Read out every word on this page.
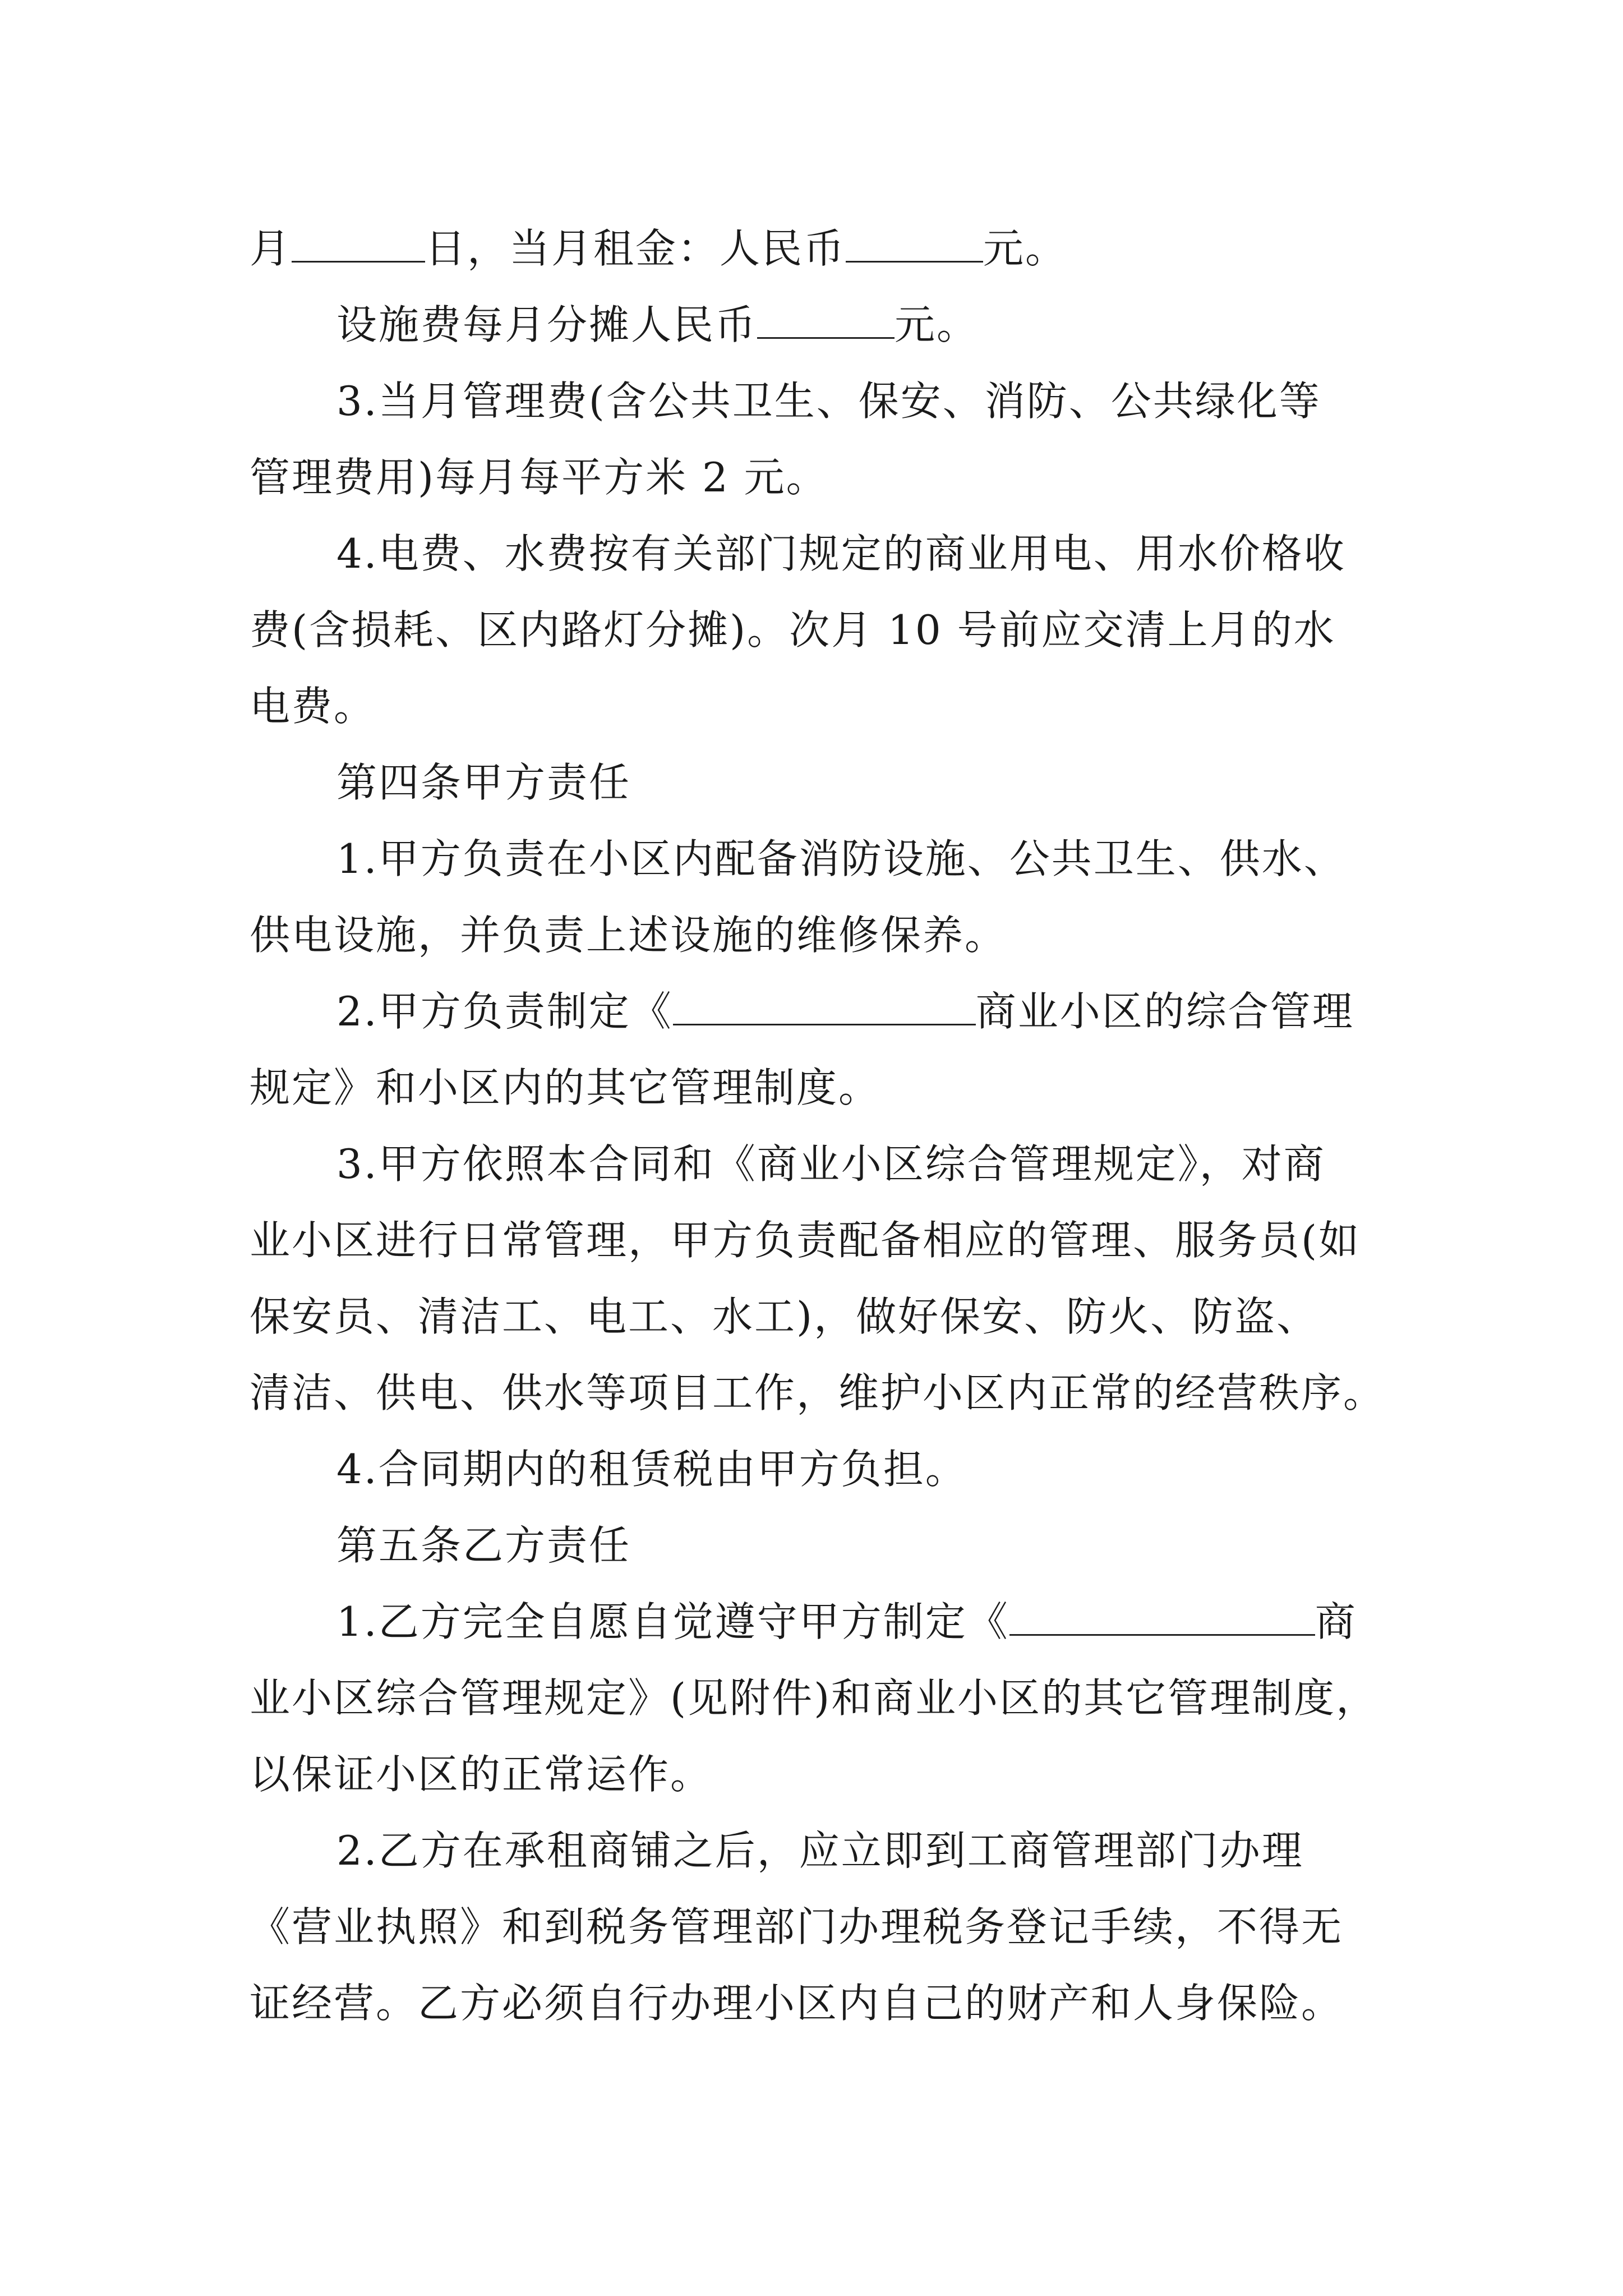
月	日，当月租金：人民币	元。
设施费每月分摊人民币	元。
3.当月管理费(含公共卫生、保安、消防、公共绿化等
管理费用)每月每平方米 2 元。
4.电费、水费按有关部门规定的商业用电、用水价格收
费(含损耗、区内路灯分摊)。次月 10 号前应交清上月的水
电费。
第四条甲方责任
1.甲方负责在小区内配备消防设施、公共卫生、供水、
供电设施，并负责上述设施的维修保养。
2.甲方负责制定《	商业小区的综合管理
规定》和小区内的其它管理制度。
3.甲方依照本合同和《商业小区综合管理规定》，对商
业小区进行日常管理，甲方负责配备相应的管理、服务员(如
保安员、清洁工、电工、水工)，做好保安、防火、防盗、
清洁、供电、供水等项目工作，维护小区内正常的经营秩序。
4.合同期内的租赁税由甲方负担。
第五条乙方责任
1.乙方完全自愿自觉遵守甲方制定《	商
业小区综合管理规定》(见附件)和商业小区的其它管理制度，
以保证小区的正常运作。
2.乙方在承租商铺之后，应立即到工商管理部门办理
《营业执照》和到税务管理部门办理税务登记手续，不得无
证经营。乙方必须自行办理小区内自己的财产和人身保险。
